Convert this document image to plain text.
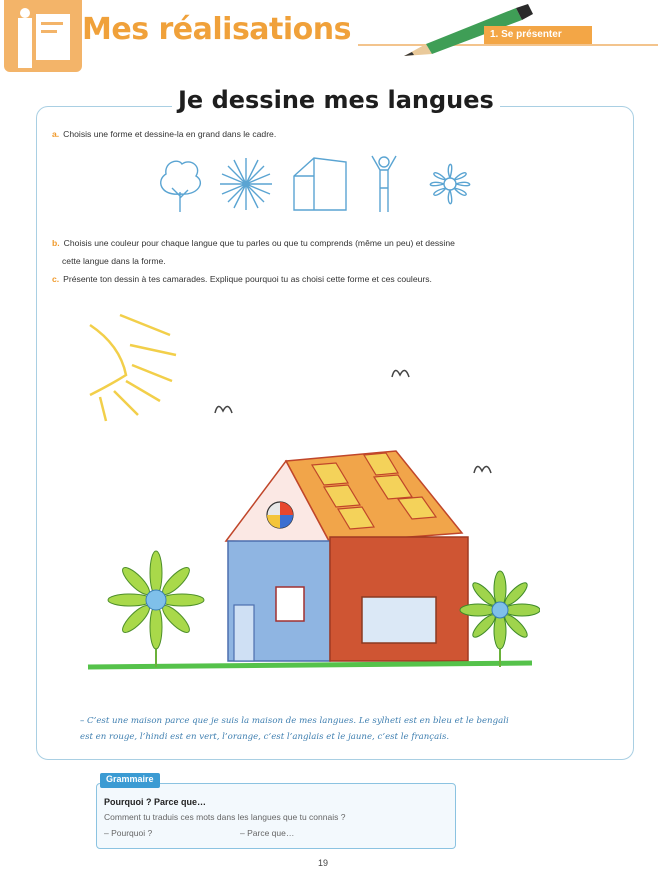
Mes réalisations	1. Se présenter
Je dessine mes langues
a. Choisis une forme et dessine-la en grand dans le cadre.
b. Choisis une couleur pour chaque langue que tu parles ou que tu comprends (même un peu) et dessine
cette langue dans la forme.
c. Présente ton dessin à tes camarades. Explique pourquoi tu as choisi cette forme et ces couleurs.
– C’est une maison parce que je suis la maison de mes langues. Le sylheti est en bleu et le bengali
est en rouge, l’hindi est en vert, l’orange, c’est l’anglais et le jaune, c’est le français.
Grammaire
Pourquoi ? Parce que…
Comment tu traduis ces mots dans les langues que tu connais ?
– Pourquoi ?	– Parce que…
19
